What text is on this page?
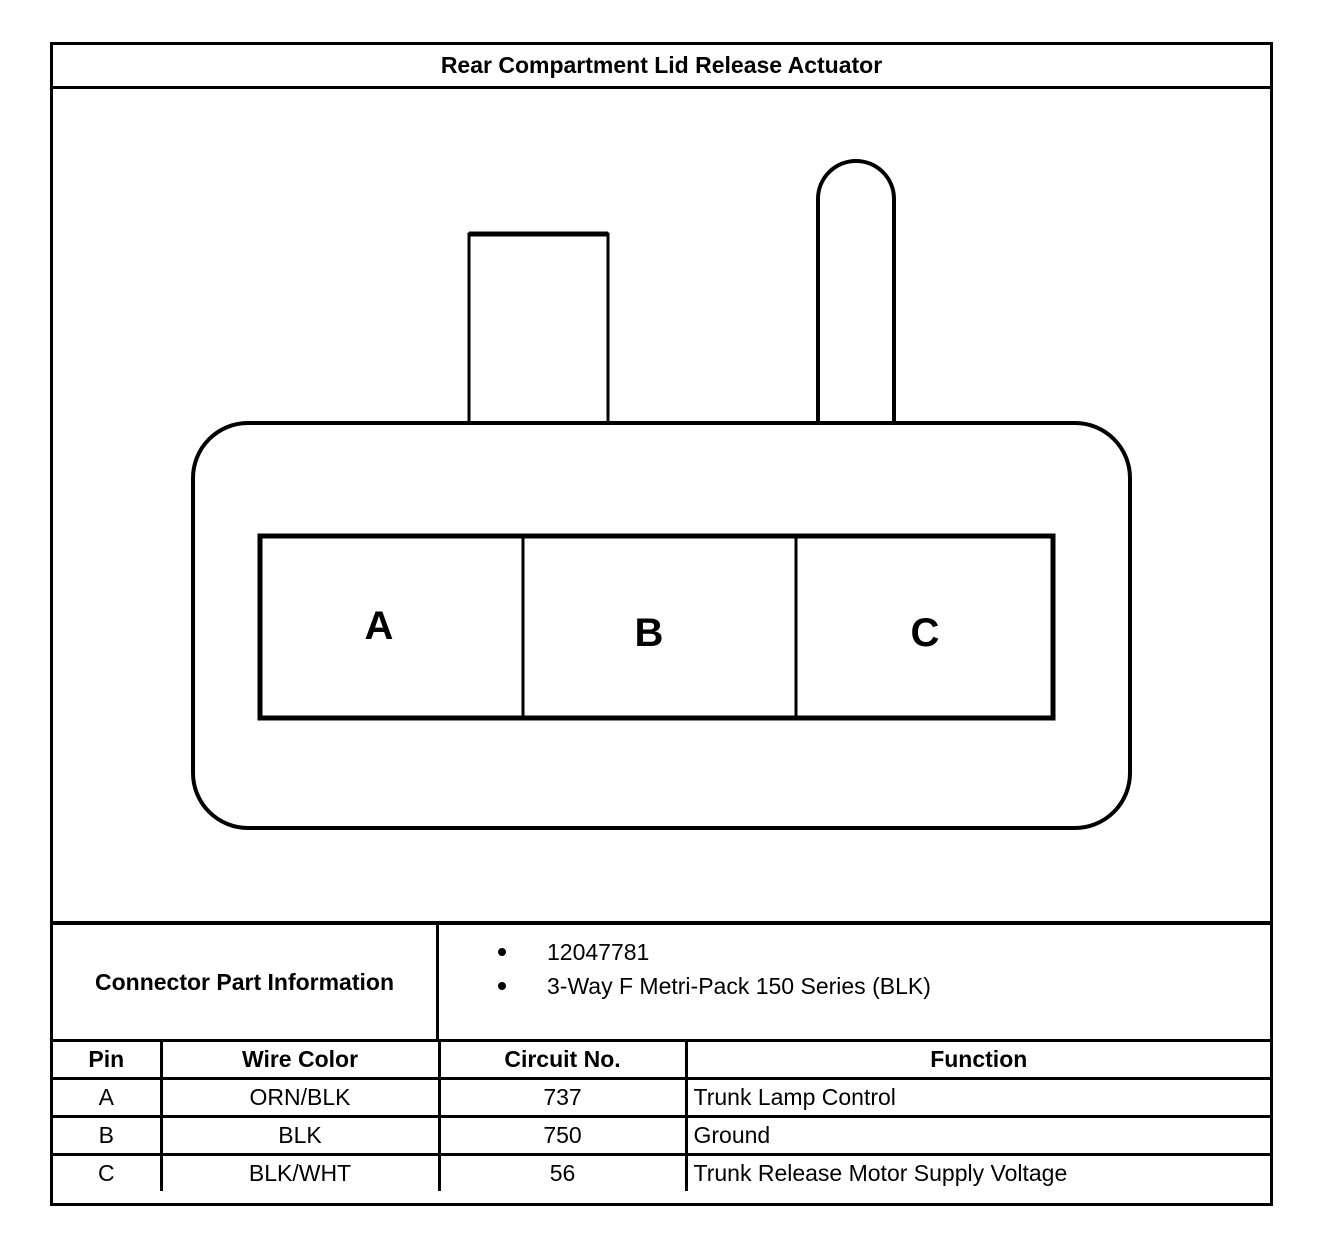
Rear Compartment Lid Release Actuator
A	B	C
Connector Part Information
12047781
3-Way F Metri-Pack 150 Series (BLK)
Pin	Wire Color	Circuit No.	Function
A	ORN/BLK	737	Trunk Lamp Control
B	BLK	750	Ground
C	BLK/WHT	56	Trunk Release Motor Supply Voltage
